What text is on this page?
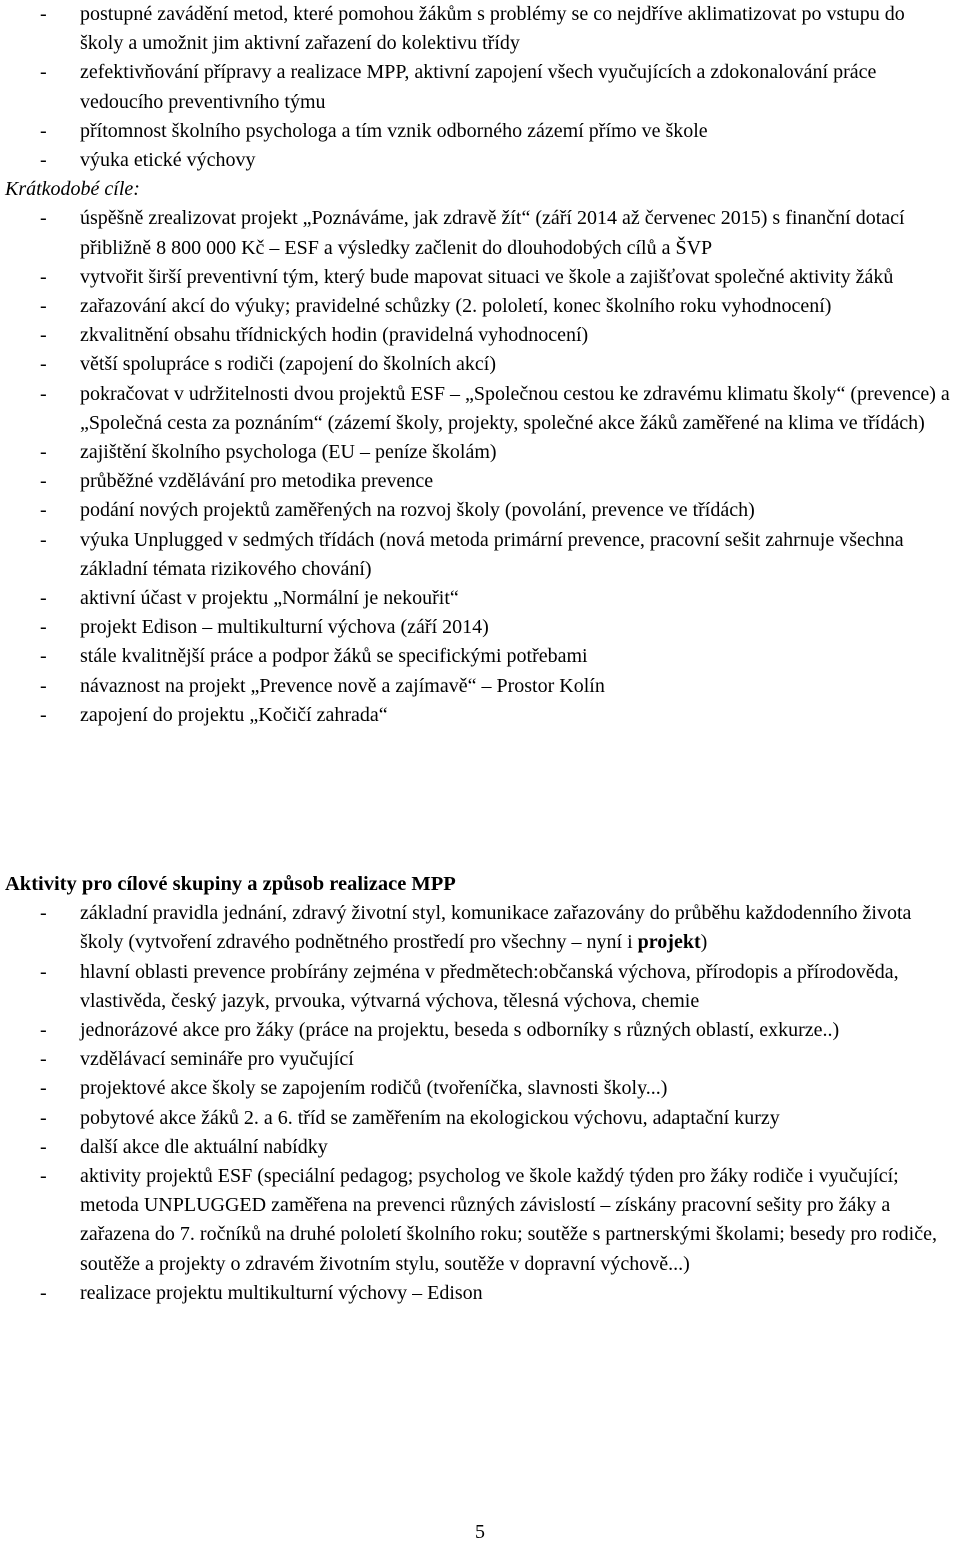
- postupné zavádění metod, které pomohou žákům s problémy se co nejdříve aklimatizovat po vstupu do školy a umožnit jim aktivní zařazení do kolektivu třídy
- zefektivňování přípravy a realizace MPP, aktivní zapojení všech vyučujících a zdokonalování práce vedoucího preventivního týmu
- přítomnost školního psychologa a tím vznik odborného zázemí přímo ve škole
- výuka etické výchovy
Krátkodobé cíle:
- úspěšně zrealizovat projekt „Poznáváme, jak zdravě žít“ (září 2014 až červenec 2015) s finanční dotací přibližně 8 800 000 Kč – ESF a výsledky začlenit do dlouhodobých cílů a ŠVP
- vytvořit širší preventivní tým, který bude mapovat situaci ve škole a zajišťovat společné aktivity žáků
- zařazování akcí do výuky; pravidelné schůzky (2. pololetí, konec školního roku vyhodnocení)
- zkvalitnění obsahu třídnických hodin (pravidelná vyhodnocení)
- větší spolupráce s rodiči (zapojení do školních akcí)
- pokračovat v udržitelnosti dvou projektů ESF – „Společnou cestou ke zdravému klimatu školy“ (prevence) a „Společná cesta za poznáním“ (zázemí školy, projekty, společné akce žáků zaměřené na klima ve třídách)
- zajištění školního psychologa (EU – peníze školám)
- průběžné vzdělávání pro metodika prevence
- podání nových projektů zaměřených na rozvoj školy (povolání, prevence ve třídách)
- výuka Unplugged v sedmých třídách (nová metoda primární prevence, pracovní sešit zahrnuje všechna základní témata rizikového chování)
- aktivní účast v projektu „Normální je nekouřit“
- projekt Edison – multikulturní výchova (září 2014)
- stále kvalitnější práce a podpor žáků se specifickými potřebami
- návaznost na projekt „Prevence nově a zajímavě“ – Prostor Kolín
- zapojení do projektu „Kočičí zahrada“
Aktivity pro cílové skupiny a způsob realizace MPP
- základní pravidla jednání, zdravý životní styl, komunikace zařazovány do průběhu každodenního života školy (vytvoření zdravého podnětného prostředí pro všechny – nyní i projekt)
- hlavní oblasti prevence probírány zejména v předmětech:občanská výchova, přírodopis a přírodověda, vlastivěda, český jazyk, prvouka, výtvarná výchova, tělesná výchova, chemie
- jednorázové akce pro žáky (práce na projektu, beseda s odborníky s různých oblastí, exkurze..)
- vzdělávací semináře pro vyučující
- projektové akce školy se zapojením rodičů (tvořeníčka, slavnosti školy...)
- pobytové akce žáků 2. a 6. tříd se zaměřením na ekologickou výchovu, adaptační kurzy
- další akce dle aktuální nabídky
- aktivity projektů ESF (speciální pedagog; psycholog ve škole každý týden pro žáky rodiče i vyučující; metoda UNPLUGGED zaměřena na prevenci různých závislostí – získány pracovní sešity pro žáky a zařazena do 7. ročníků na druhé pololetí školního roku; soutěže s partnerskými školami; besedy pro rodiče, soutěže a projekty o zdravém životním stylu, soutěže v dopravní výchově...)
- realizace projektu multikulturní výchovy – Edison
5
